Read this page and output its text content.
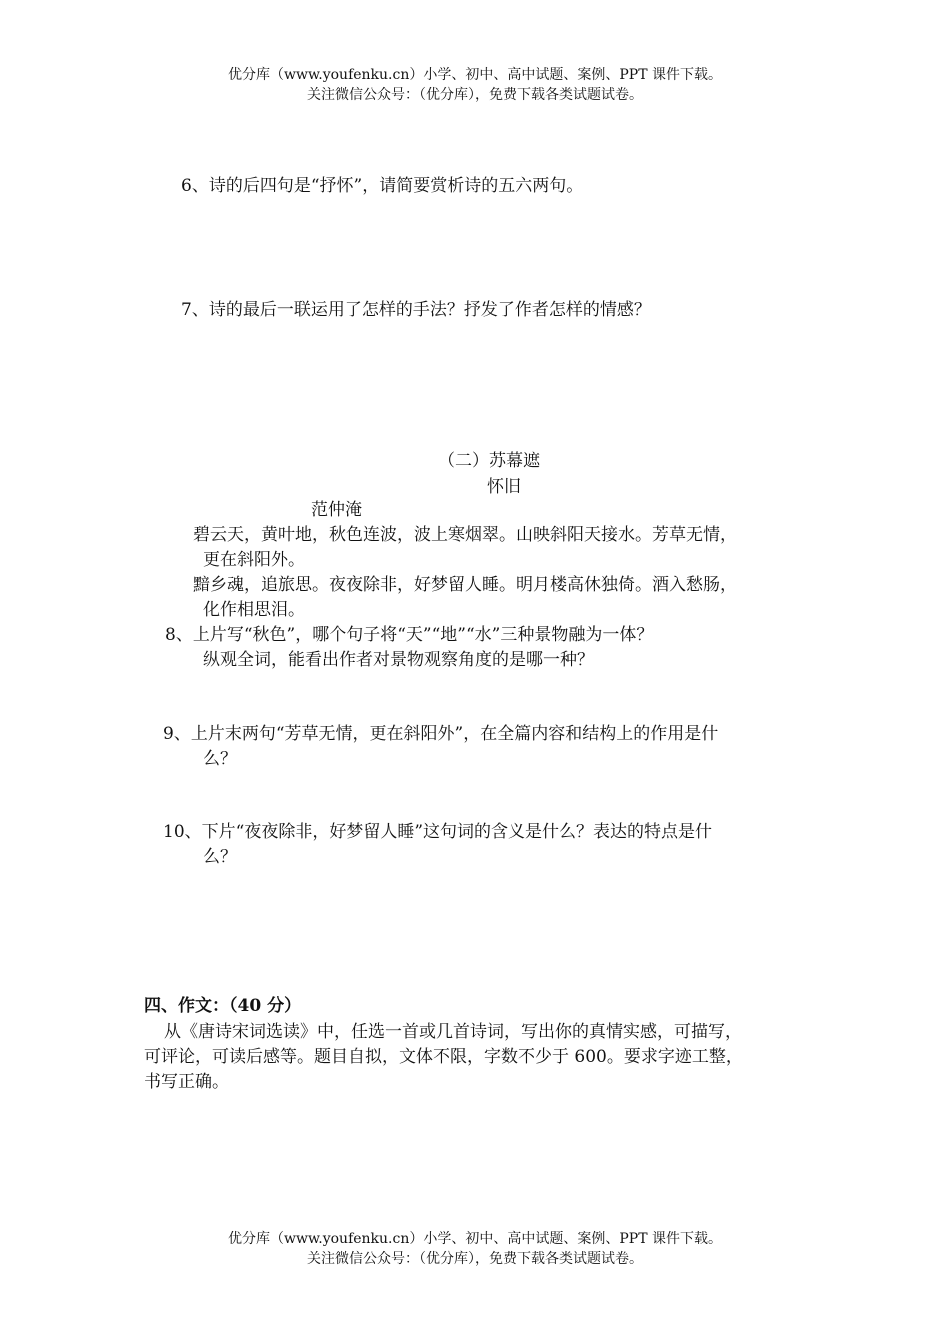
优分库（www.youfenku.cn）小学、初中、高中试题、案例、PPT 课件下载。
关注微信公众号：（优分库），免费下载各类试题试卷。
6、诗的后四句是“抒怀”，请简要赏析诗的五六两句。
7、诗的最后一联运用了怎样的手法？抒发了作者怎样的情感？
（二）苏幕遮
怀旧
范仲淹
碧云天，黄叶地，秋色连波，波上寒烟翠。山映斜阳天接水。芳草无情，
更在斜阳外。
黯乡魂，追旅思。夜夜除非，好梦留人睡。明月楼高休独倚。酒入愁肠，
化作相思泪。
8、上片写“秋色”，哪个句子将“天”“地”“水”三种景物融为一体？
纵观全词，能看出作者对景物观察角度的是哪一种？
9、上片末两句“芳草无情，更在斜阳外”，在全篇内容和结构上的作用是什
么？
10、下片“夜夜除非，好梦留人睡”这句词的含义是什么？表达的特点是什
么？
四、作文：（40 分）
从《唐诗宋词选读》中，任选一首或几首诗词，写出你的真情实感，可描写，
可评论，可读后感等。题目自拟，文体不限，字数不少于 600。要求字迹工整，
书写正确。
优分库（www.youfenku.cn）小学、初中、高中试题、案例、PPT 课件下载。
关注微信公众号：（优分库），免费下载各类试题试卷。
